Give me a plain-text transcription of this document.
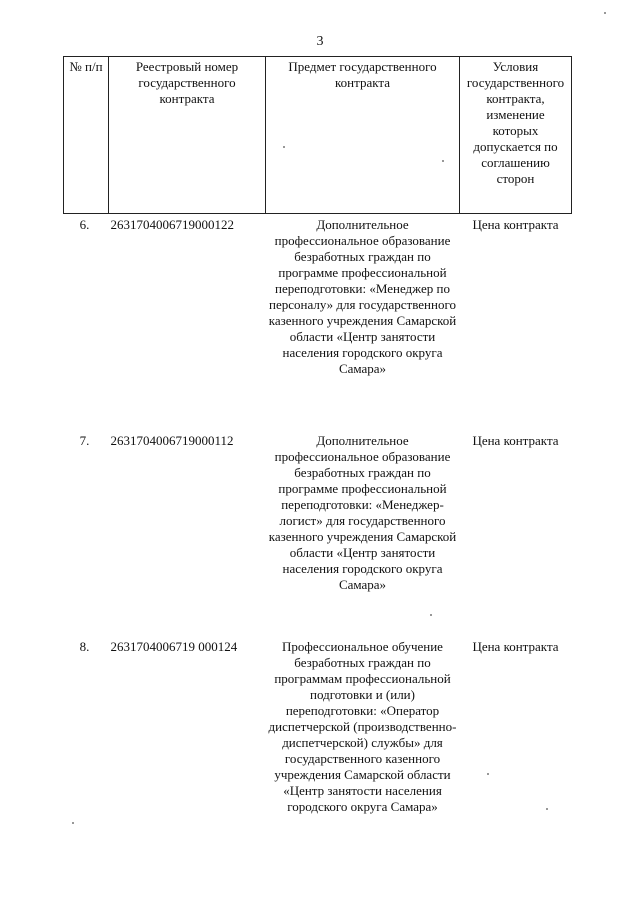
3
№ п/п	Реестровый номер государственного контракта	Предмет государственного контракта	Условия государственного контракта, изменение которых допускается по соглашению сторон
6.	2631704006719000122	Дополнительное профессиональное образование безработных граждан по программе профессиональной переподготовки: «Менеджер по персоналу» для государственного казенного учреждения Самарской области «Центр занятости населения городского округа Самара»	Цена контракта
7.	2631704006719000112	Дополнительное профессиональное образование безработных граждан по программе профессиональной переподготовки: «Менеджер-логист» для государственного казенного учреждения Самарской области «Центр занятости населения городского округа Самара»	Цена контракта
8.	2631704006719 000124	Профессиональное обучение безработных граждан по программам профессиональной подготовки и (или) переподготовки: «Оператор диспетчерской (производственно-диспетчерской) службы» для государственного казенного учреждения Самарской области «Центр занятости населения городского округа Самара»	Цена контракта
